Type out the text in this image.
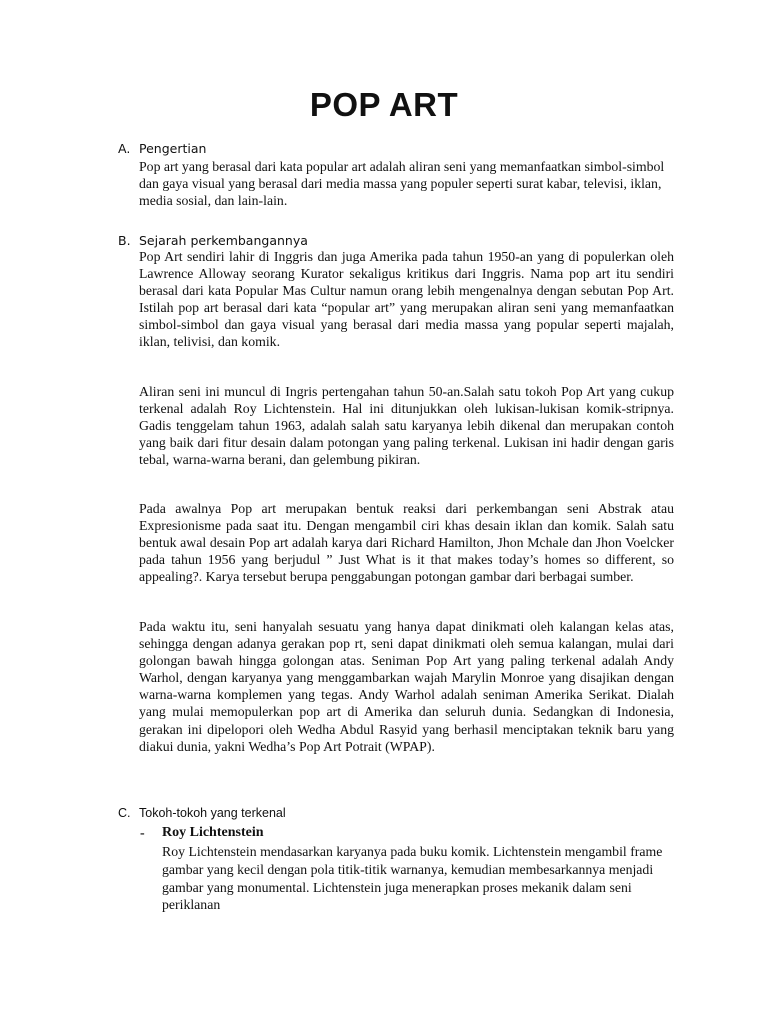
POP ART
A. Pengertian

Pop art yang berasal dari kata popular art adalah aliran seni yang memanfaatkan simbol-simbol dan gaya visual yang berasal dari media massa yang populer seperti surat kabar, televisi, iklan, media sosial, dan lain-lain.

B. Sejarah perkembangannya

Pop Art sendiri lahir di Inggris dan juga Amerika pada tahun 1950-an yang di populerkan oleh Lawrence Alloway seorang Kurator sekaligus kritikus dari Inggris. Nama pop art itu sendiri berasal dari kata Popular Mas Cultur namun orang lebih mengenalnya dengan sebutan Pop Art. Istilah pop art berasal dari kata “popular art” yang merupakan aliran seni yang memanfaatkan simbol-simbol dan gaya visual yang berasal dari media massa yang popular seperti majalah, iklan, telivisi, dan komik.

Aliran seni ini muncul di Ingris pertengahan tahun 50-an.Salah satu tokoh Pop Art yang cukup terkenal adalah Roy Lichtenstein. Hal ini ditunjukkan oleh lukisan-lukisan komik-stripnya. Gadis tenggelam tahun 1963, adalah salah satu karyanya lebih dikenal dan merupakan contoh yang baik dari fitur desain dalam potongan yang paling terkenal. Lukisan ini hadir dengan garis tebal, warna-warna berani, dan gelembung pikiran.

Pada awalnya Pop art merupakan bentuk reaksi dari perkembangan seni Abstrak atau Expresionisme pada saat itu. Dengan mengambil ciri khas desain iklan dan komik. Salah satu bentuk awal desain Pop art adalah karya dari Richard Hamilton, Jhon Mchale dan Jhon Voelcker pada tahun 1956 yang berjudul ” Just What is it that makes today’s homes so different, so appealing?. Karya tersebut berupa penggabungan potongan gambar dari berbagai sumber.

Pada waktu itu, seni hanyalah sesuatu yang hanya dapat dinikmati oleh kalangan kelas atas, sehingga dengan adanya gerakan pop rt, seni dapat dinikmati oleh semua kalangan, mulai dari golongan bawah hingga golongan atas. Seniman Pop Art yang paling terkenal adalah Andy Warhol, dengan karyanya yang menggambarkan wajah Marylin Monroe yang disajikan dengan warna-warna komplemen yang tegas. Andy Warhol adalah seniman Amerika Serikat. Dialah yang mulai memopulerkan pop art di Amerika dan seluruh dunia. Sedangkan di Indonesia, gerakan ini dipelopori oleh Wedha Abdul Rasyid yang berhasil menciptakan teknik baru yang diakui dunia, yakni Wedha’s Pop Art Potrait (WPAP).

C. Tokoh-tokoh yang terkenal
- Roy Lichtenstein

Roy Lichtenstein mendasarkan karyanya pada buku komik. Lichtenstein mengambil frame gambar yang kecil dengan pola titik-titik warnanya, kemudian membesarkannya menjadi gambar yang monumental. Lichtenstein juga menerapkan proses mekanik dalam seni periklanan
